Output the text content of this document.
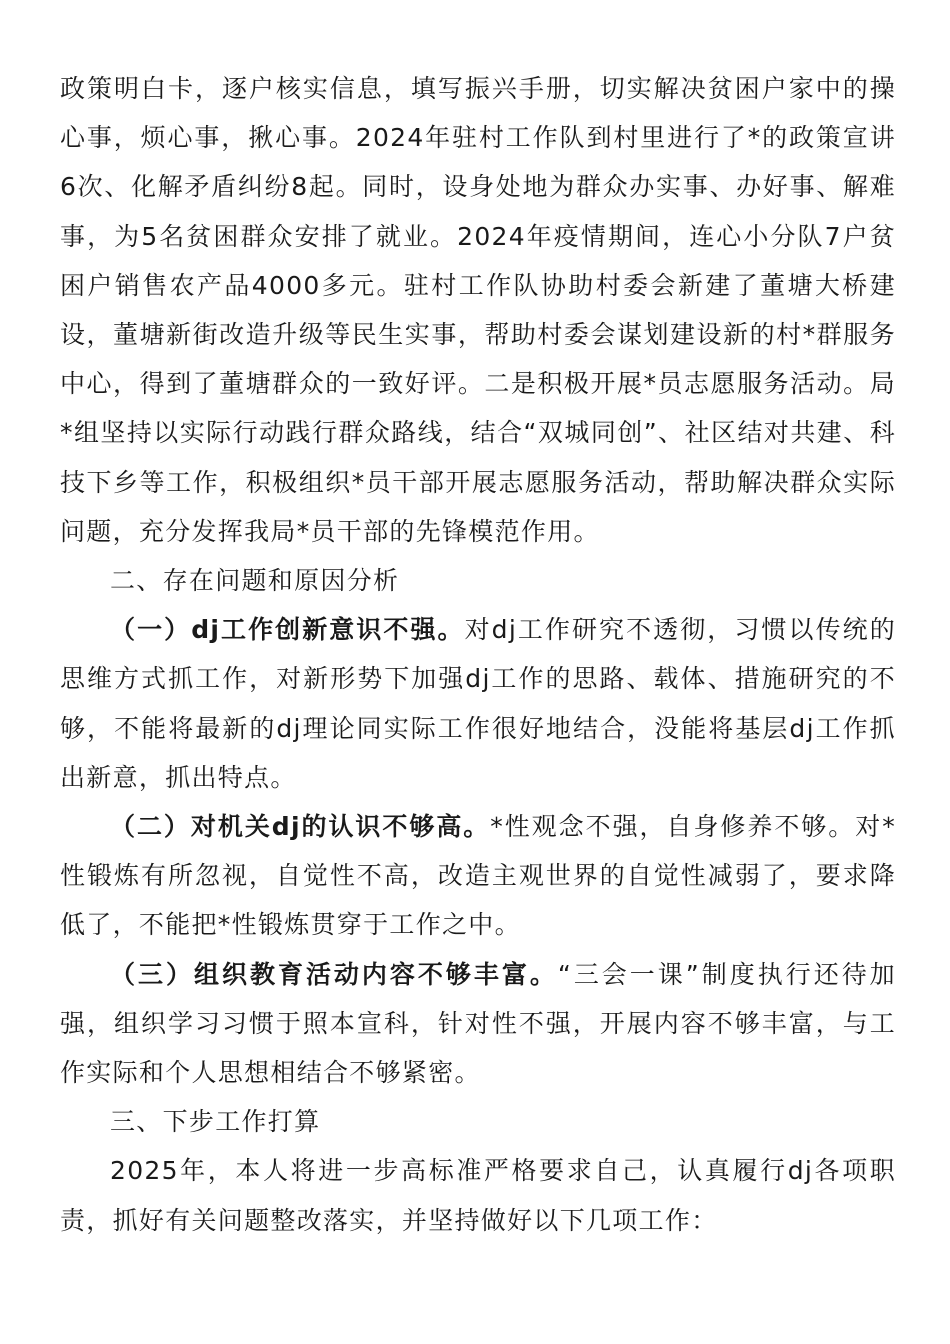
政策明白卡，逐户核实信息，填写振兴手册，切实解决贫困户家中的操心事，烦心事，揪心事。2024年驻村工作队到村里进行了*的政策宣讲6次、化解矛盾纠纷8起。同时，设身处地为群众办实事、办好事、解难事，为5名贫困群众安排了就业。2024年疫情期间，连心小分队7户贫困户销售农产品4000多元。驻村工作队协助村委会新建了董塘大桥建设，董塘新街改造升级等民生实事，帮助村委会谋划建设新的村*群服务中心，得到了董塘群众的一致好评。二是积极开展*员志愿服务活动。局*组坚持以实际行动践行群众路线，结合“双城同创”、社区结对共建、科技下乡等工作，积极组织*员干部开展志愿服务活动，帮助解决群众实际问题，充分发挥我局*员干部的先锋模范作用。

二、存在问题和原因分析

（一）dj工作创新意识不强。对dj工作研究不透彻，习惯以传统的思维方式抓工作，对新形势下加强dj工作的思路、载体、措施研究的不够，不能将最新的dj理论同实际工作很好地结合，没能将基层dj工作抓出新意，抓出特点。

（二）对机关dj的认识不够高。*性观念不强，自身修养不够。对*性锻炼有所忽视，自觉性不高，改造主观世界的自觉性减弱了，要求降低了，不能把*性锻炼贯穿于工作之中。

（三）组织教育活动内容不够丰富。“三会一课”制度执行还待加强，组织学习习惯于照本宣科，针对性不强，开展内容不够丰富，与工作实际和个人思想相结合不够紧密。

三、下步工作打算

2025年，本人将进一步高标准严格要求自己，认真履行dj各项职责，抓好有关问题整改落实，并坚持做好以下几项工作：
